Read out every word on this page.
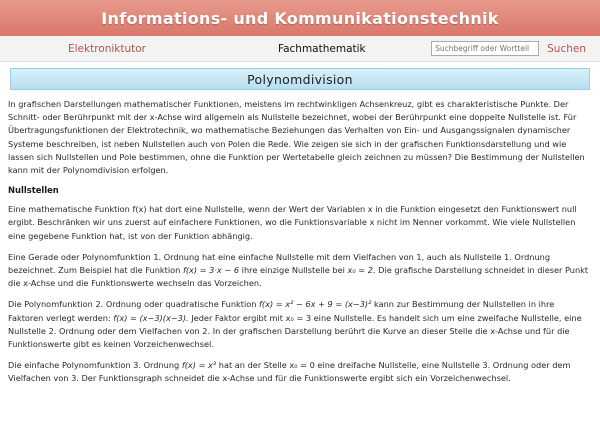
Informations- und Kommunikationstechnik
Elektroniktutor	Fachmathematik
Suchbegriff oder Wortteil	Suchen
Polynomdivision

In grafischen Darstellungen mathematischer Funktionen, meistens im rechtwinkligen Achsenkreuz, gibt es charakteristische Punkte. Der Schnitt- oder Berührpunkt mit der x-Achse wird allgemein als Nullstelle bezeichnet, wobei der Berührpunkt eine doppelte Nullstelle ist. Für Übertragungsfunktionen der Elektrotechnik, wo mathematische Beziehungen das Verhalten von Ein- und Ausgangssignalen dynamischer Systeme beschreiben, ist neben Nullstellen auch von Polen die Rede. Wie zeigen sie sich in der grafischen Funktionsdarstellung und wie lassen sich Nullstellen und Pole bestimmen, ohne die Funktion per Wertetabelle gleich zeichnen zu müssen? Die Bestimmung der Nullstellen kann mit der Polynomdivision erfolgen.

Nullstellen

Eine mathematische Funktion f(x) hat dort eine Nullstelle, wenn der Wert der Variablen x in die Funktion eingesetzt den Funktionswert null ergibt. Beschränken wir uns zuerst auf einfachere Funktionen, wo die Funktionsvariable x nicht im Nenner vorkommt. Wie viele Nullstellen eine gegebene Funktion hat, ist von der Funktion abhängig.

Eine Gerade oder Polynomfunktion 1. Ordnung hat eine einfache Nullstelle mit dem Vielfachen von 1, auch als Nullstelle 1. Ordnung bezeichnet. Zum Beispiel hat die Funktion f(x) = 3·x − 6 ihre einzige Nullstelle bei x₀ = 2. Die grafische Darstellung schneidet in dieser Punkt die x-Achse und die Funktionswerte wechseln das Vorzeichen.

Die Polynomfunktion 2. Ordnung oder quadratische Funktion f(x) = x² − 6x + 9 = (x−3)² kann zur Bestimmung der Nullstellen in ihre Faktoren verlegt werden: f(x) = (x−3)(x−3). Jeder Faktor ergibt mit x₀ = 3 eine Nullstelle. Es handelt sich um eine zweifache Nullstelle, eine Nullstelle 2. Ordnung oder dem Vielfachen von 2. In der grafischen Darstellung berührt die Kurve an dieser Stelle die x-Achse und für die Funktionswerte gibt es keinen Vorzeichenwechsel.

Die einfache Polynomfunktion 3. Ordnung f(x) = x³ hat an der Stelle x₀ = 0 eine dreifache Nullstelle, eine Nullstelle 3. Ordnung oder dem Vielfachen von 3. Der Funktionsgraph schneidet die x-Achse und für die Funktionswerte ergibt sich ein Vorzeichenwechsel.
